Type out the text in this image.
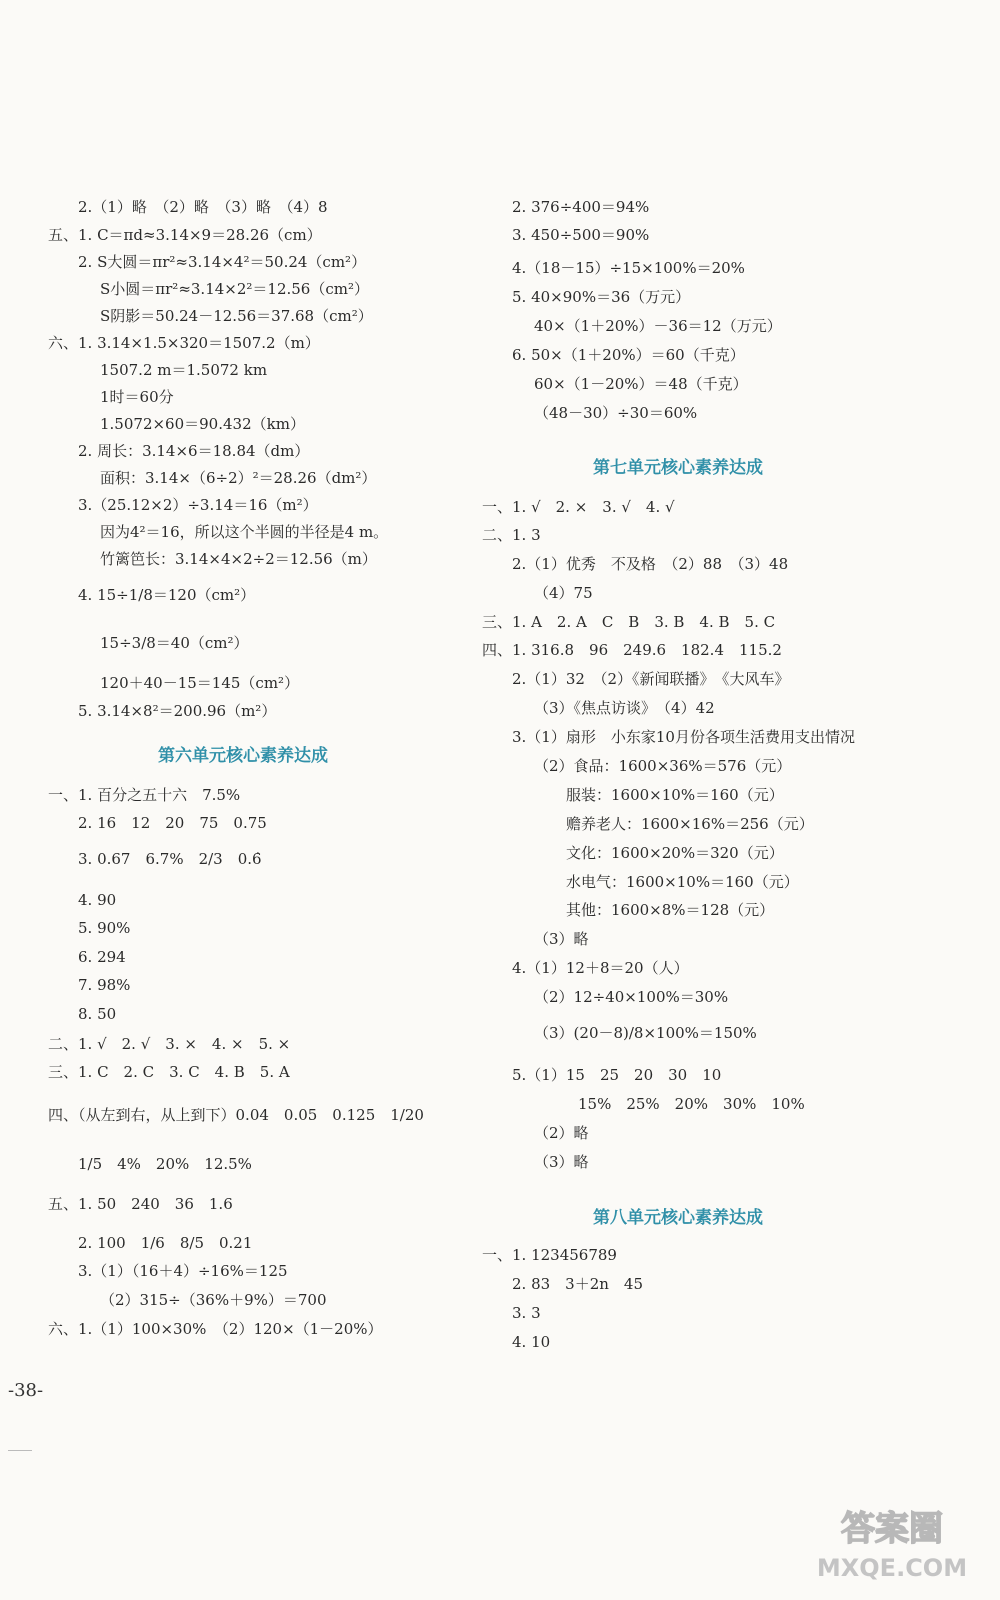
2.（1）略　（2）略　（3）略　（4）8
五、1. C＝πd≈3.14×9＝28.26（cm）
2. S大圆＝πr²≈3.14×4²＝50.24（cm²）
S小圆＝πr²≈3.14×2²＝12.56（cm²）
S阴影＝50.24－12.56＝37.68（cm²）
六、1. 3.14×1.5×320＝1507.2（m）
1507.2 m＝1.5072 km
1时＝60分
1.5072×60＝90.432（km）
2. 周长：3.14×6＝18.84（dm）
面积：3.14×（6÷2）²＝28.26（dm²）
3.（25.12×2）÷3.14＝16（m²）
因为4²＝16，所以这个半圆的半径是4 m。
竹篱笆长：3.14×4×2÷2＝12.56（m）
4. 15÷1/8＝120（cm²）
15÷3/8＝40（cm²）
120＋40－15＝145（cm²）
5. 3.14×8²＝200.96（m²）
一、1. 百分之五十六　7.5%
2. 16　12　20　75　0.75
3. 0.67　6.7%　2/3　0.6̇
4. 90
5. 90%
6. 294
7. 98%
8. 50
二、1. √　2. √　3. ×　4. ×　5. ×
三、1. C　2. C　3. C　4. B　5. A
四、（从左到右，从上到下）0.04　0.05　0.125　1/20
1/5　4%　20%　12.5%
五、1. 50　240　36　1.6
2. 100　1/6　8/5　0.21
3.（1）（16＋4）÷16%＝125
（2）315÷（36%＋9%）＝700
六、1.（1）100×30%　（2）120×（1－20%）
2. 376÷400＝94%
3. 450÷500＝90%
4.（18－15）÷15×100%＝20%
5. 40×90%＝36（万元）
40×（1＋20%）－36＝12（万元）
6. 50×（1＋20%）＝60（千克）
60×（1－20%）＝48（千克）
（48－30）÷30＝60%
一、1. √　2. ×　3. √　4. √
二、1. 3
2.（1）优秀　不及格　（2）88　（3）48
（4）75
三、1. A　2. A　C　B　3. B　4. B　5. C
四、1. 316.8　96　249.6　182.4　115.2
2.（1）32　（2）《新闻联播》　《大风车》
（3）《焦点访谈》　（4）42
3.（1）扇形　小东家10月份各项生活费用支出情况
（2）食品：1600×36%＝576（元）
服装：1600×10%＝160（元）
赡养老人：1600×16%＝256（元）
文化：1600×20%＝320（元）
水电气：1600×10%＝160（元）
其他：1600×8%＝128（元）
（3）略
4.（1）12＋8＝20（人）
（2）12÷40×100%＝30%
（3）(20－8)/8×100%＝150%
5.（1）15　25　20　30　10
15%　25%　20%　30%　10%
（2）略
（3）略
一、1. 123456789
2. 83　3＋2n　45
3. 3
4. 10
第六单元核心素养达成
第七单元核心素养达成
第八单元核心素养达成
-38-
答案圈
MXQE.COM
